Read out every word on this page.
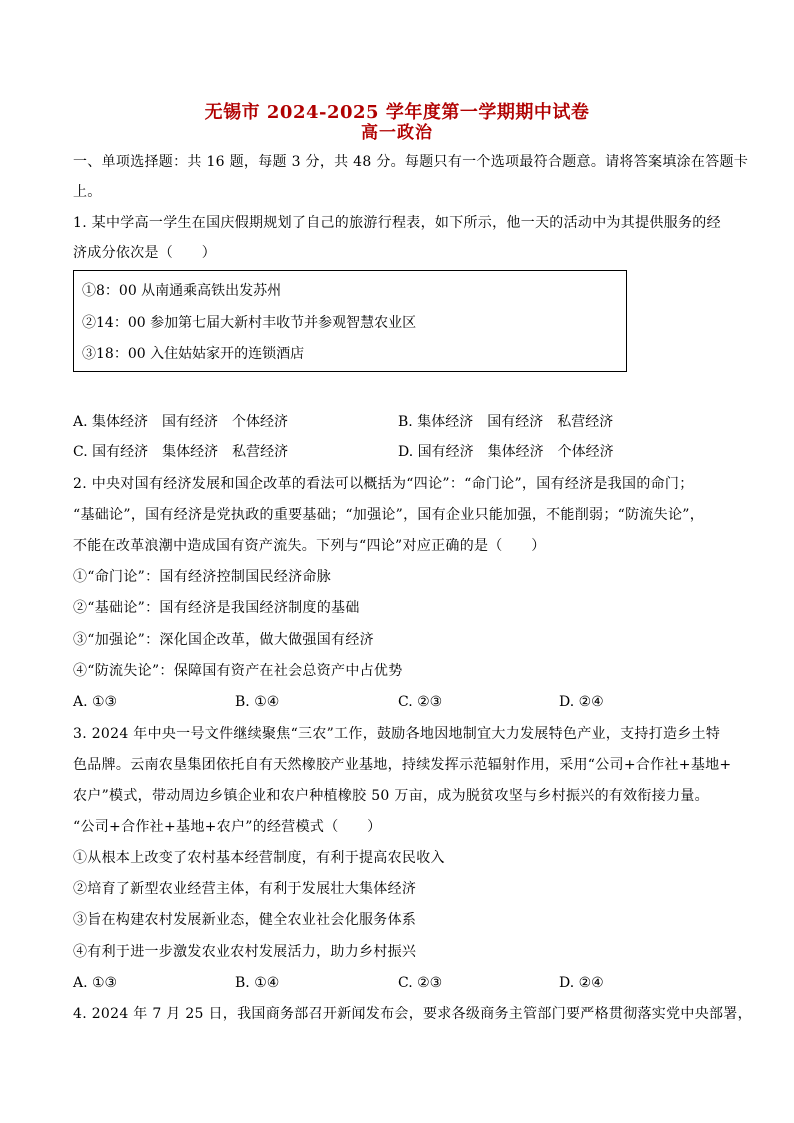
无锡市 2024-2025 学年度第一学期期中试卷
高一政治
一、单项选择题：共 16 题，每题 3 分，共 48 分。每题只有一个选项最符合题意。请将答案填涂在答题卡
上。
1. 某中学高一学生在国庆假期规划了自己的旅游行程表，如下所示，他一天的活动中为其提供服务的经
济成分依次是（　　）
①8：00 从南通乘高铁出发苏州
②14：00 参加第七届大新村丰收节并参观智慧农业区
③18：00 入住姑姑家开的连锁酒店
A. 集体经济　国有经济　个体经济	B. 集体经济　国有经济　私营经济
C. 国有经济　集体经济　私营经济	D. 国有经济　集体经济　个体经济
2. 中央对国有经济发展和国企改革的看法可以概括为“四论”：“命门论”，国有经济是我国的命门；
“基础论”，国有经济是党执政的重要基础；“加强论”，国有企业只能加强，不能削弱；“防流失论”，
不能在改革浪潮中造成国有资产流失。下列与“四论”对应正确的是（　　）
①“命门论”：国有经济控制国民经济命脉
②“基础论”：国有经济是我国经济制度的基础
③“加强论”：深化国企改革，做大做强国有经济
④“防流失论”：保障国有资产在社会总资产中占优势
A. ①③	B. ①④	C. ②③	D. ②④
3. 2024 年中央一号文件继续聚焦“三农”工作，鼓励各地因地制宜大力发展特色产业，支持打造乡土特
色品牌。云南农垦集团依托自有天然橡胶产业基地，持续发挥示范辐射作用，采用“公司+合作社+基地+
农户”模式，带动周边乡镇企业和农户种植橡胶 50 万亩，成为脱贫攻坚与乡村振兴的有效衔接力量。
“公司+合作社+基地+农户”的经营模式（　　）
①从根本上改变了农村基本经营制度，有利于提高农民收入
②培育了新型农业经营主体，有利于发展壮大集体经济
③旨在构建农村发展新业态，健全农业社会化服务体系
④有利于进一步激发农业农村发展活力，助力乡村振兴
A. ①③	B. ①④	C. ②③	D. ②④
4. 2024 年 7 月 25 日，我国商务部召开新闻发布会，要求各级商务主管部门要严格贯彻落实党中央部署，
